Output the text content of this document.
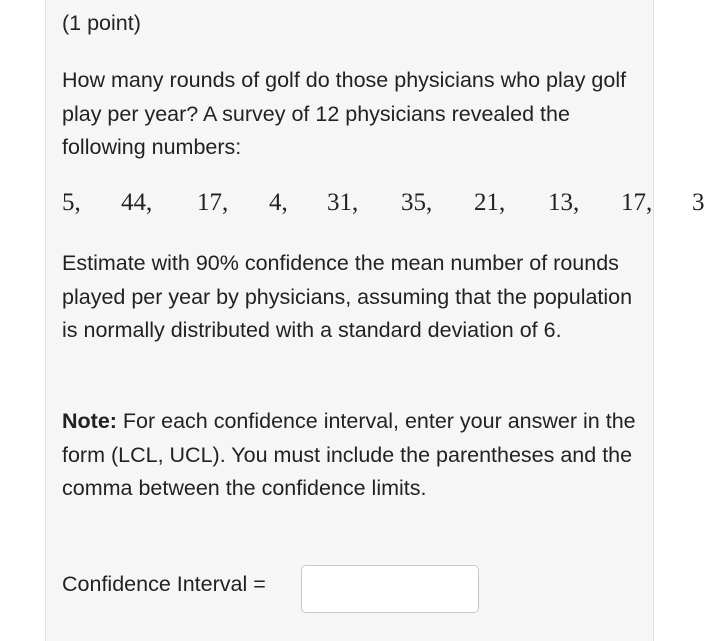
(1 point)
How many rounds of golf do those physicians who play golf play per year? A survey of 12 physicians revealed the following numbers:
5, 44, 17, 4, 31, 35, 21, 13, 17, 3
Estimate with 90% confidence the mean number of rounds played per year by physicians, assuming that the population is normally distributed with a standard deviation of 6.
Note: For each confidence interval, enter your answer in the form (LCL, UCL). You must include the parentheses and the comma between the confidence limits.
Confidence Interval =
